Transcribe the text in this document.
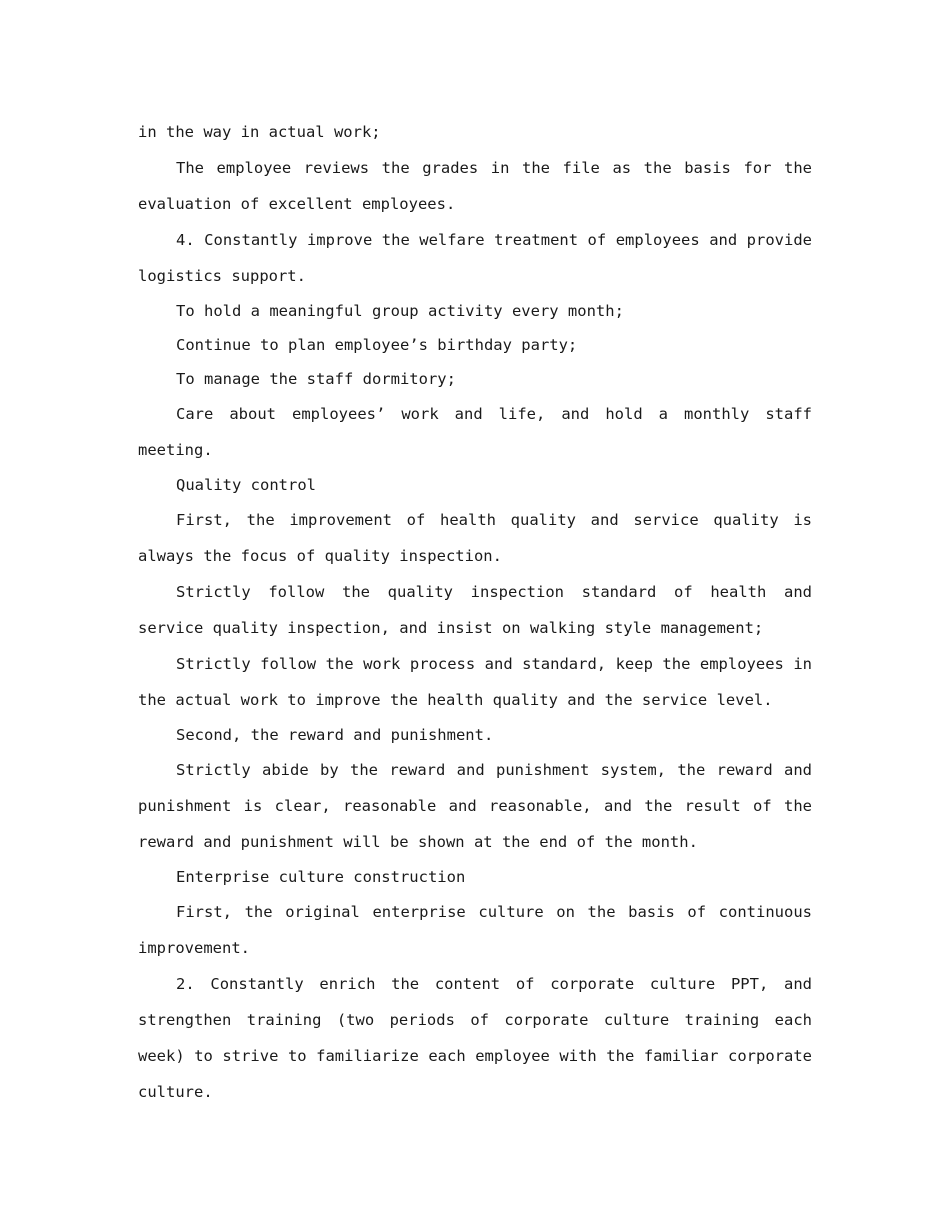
in the way in actual work;

The employee reviews the grades in the file as the basis for the evaluation of excellent employees.

4. Constantly improve the welfare treatment of employees and provide logistics support.

To hold a meaningful group activity every month;

Continue to plan employee’s birthday party;

To manage the staff dormitory;

Care about employees’ work and life, and hold a monthly staff meeting.

Quality control

First, the improvement of health quality and service quality is always the focus of quality inspection.

Strictly follow the quality inspection standard of health and service quality inspection, and insist on walking style management;

Strictly follow the work process and standard, keep the employees in the actual work to improve the health quality and the service level.

Second, the reward and punishment.

Strictly abide by the reward and punishment system, the reward and punishment is clear, reasonable and reasonable, and the result of the reward and punishment will be shown at the end of the month.

Enterprise culture construction

First, the original enterprise culture on the basis of continuous improvement.

2. Constantly enrich the content of corporate culture PPT, and strengthen training (two periods of corporate culture training each week) to strive to familiarize each employee with the familiar corporate culture.
